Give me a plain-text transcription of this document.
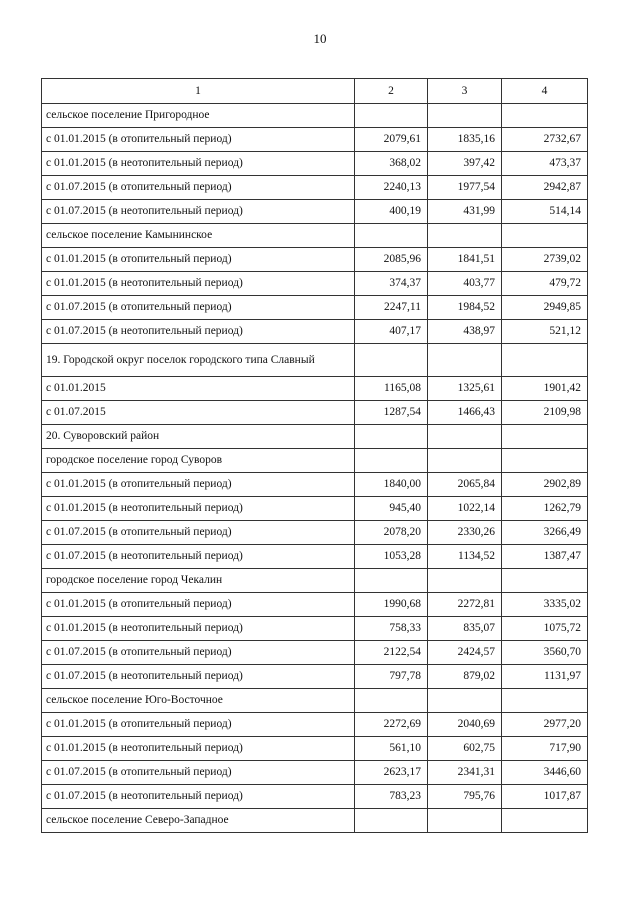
10
1	2	3	4
сельское поселение Пригородное			
с 01.01.2015 (в отопительный период)	2079,61	1835,16	2732,67
с 01.01.2015 (в неотопительный период)	368,02	397,42	473,37
с 01.07.2015 (в отопительный период)	2240,13	1977,54	2942,87
с 01.07.2015 (в неотопительный период)	400,19	431,99	514,14
сельское поселение Камынинское			
с 01.01.2015 (в отопительный период)	2085,96	1841,51	2739,02
с 01.01.2015 (в неотопительный период)	374,37	403,77	479,72
с 01.07.2015 (в отопительный период)	2247,11	1984,52	2949,85
с 01.07.2015 (в неотопительный период)	407,17	438,97	521,12
19. Городской округ поселок городского типа Славный			
с 01.01.2015	1165,08	1325,61	1901,42
с 01.07.2015	1287,54	1466,43	2109,98
20. Суворовский район			
городское поселение город Суворов			
с 01.01.2015 (в отопительный период)	1840,00	2065,84	2902,89
с 01.01.2015 (в неотопительный период)	945,40	1022,14	1262,79
с 01.07.2015 (в отопительный период)	2078,20	2330,26	3266,49
с 01.07.2015 (в неотопительный период)	1053,28	1134,52	1387,47
городское поселение город Чекалин			
с 01.01.2015 (в отопительный период)	1990,68	2272,81	3335,02
с 01.01.2015 (в неотопительный период)	758,33	835,07	1075,72
с 01.07.2015 (в отопительный период)	2122,54	2424,57	3560,70
с 01.07.2015 (в неотопительный период)	797,78	879,02	1131,97
сельское поселение Юго-Восточное			
с 01.01.2015 (в отопительный период)	2272,69	2040,69	2977,20
с 01.01.2015 (в неотопительный период)	561,10	602,75	717,90
с 01.07.2015 (в отопительный период)	2623,17	2341,31	3446,60
с 01.07.2015 (в неотопительный период)	783,23	795,76	1017,87
сельское поселение Северо-Западное			
